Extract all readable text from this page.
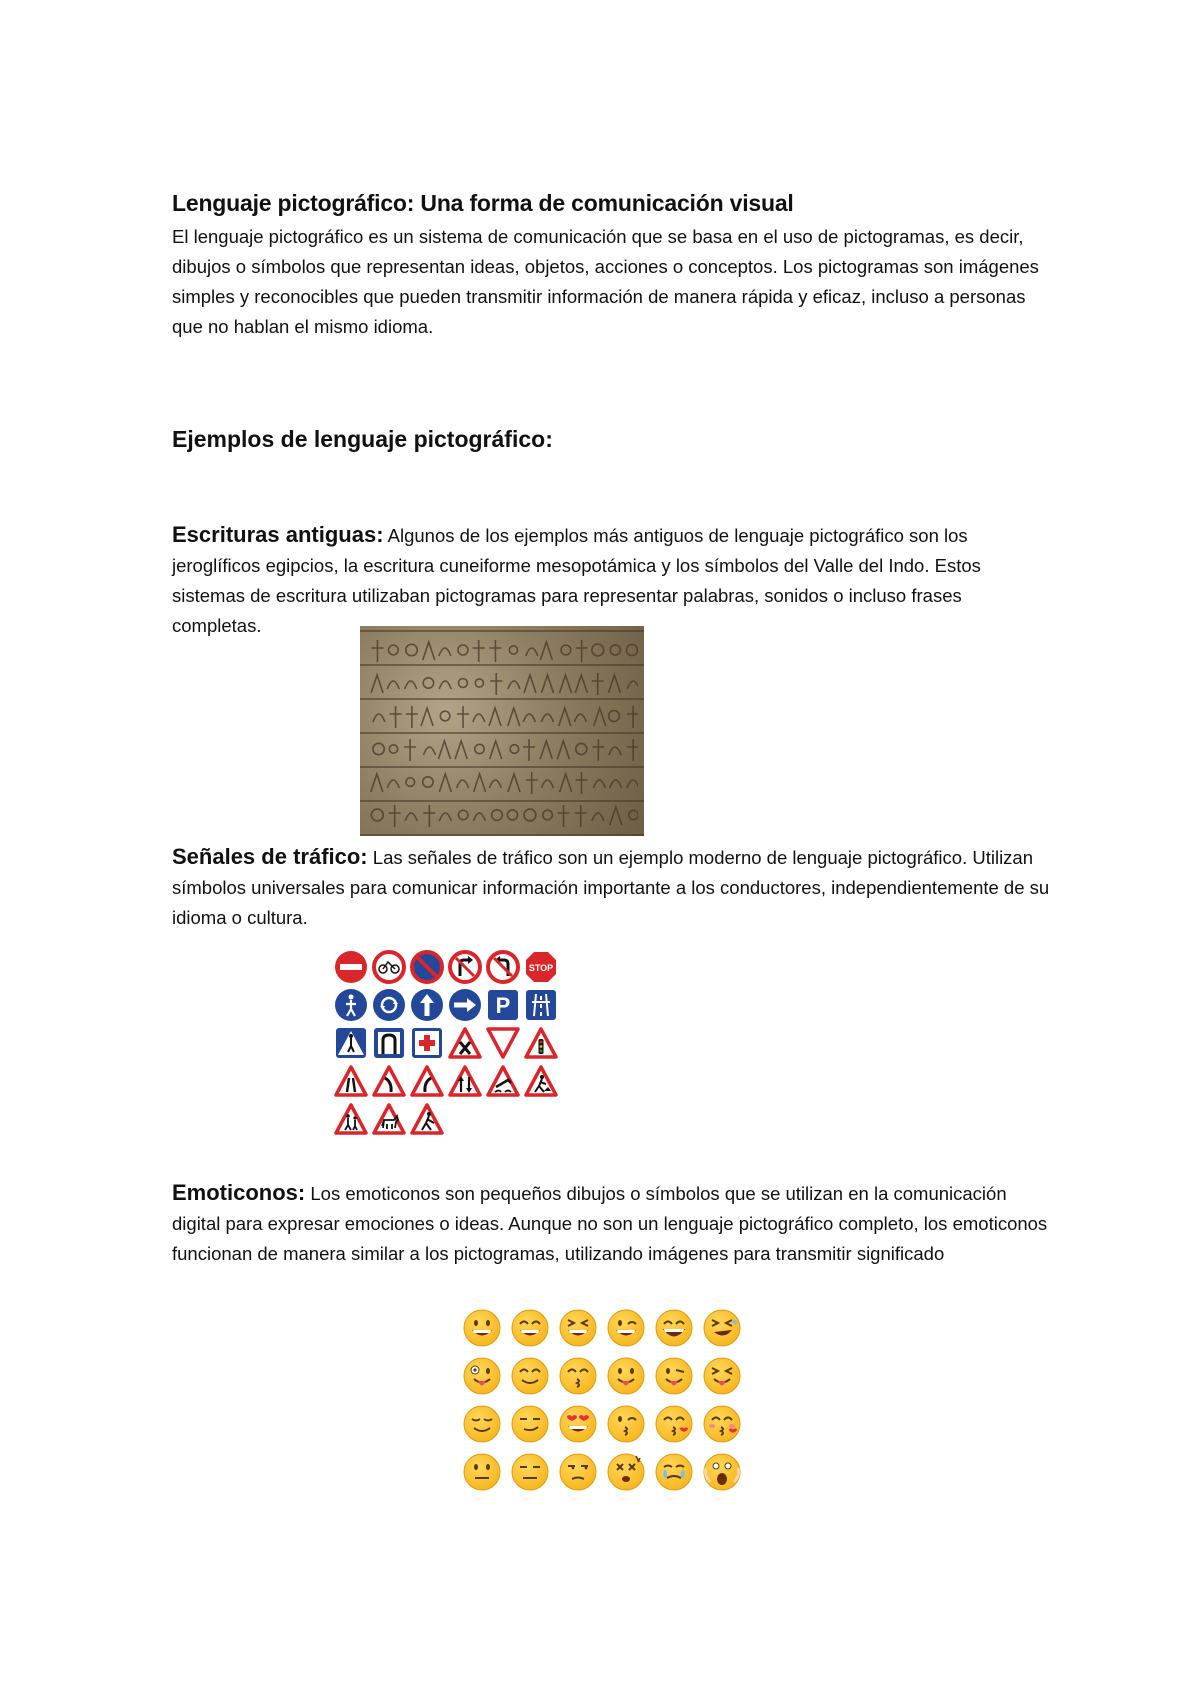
Lenguaje pictográfico: Una forma de comunicación visual
El lenguaje pictográfico es un sistema de comunicación que se basa en el uso de pictogramas, es decir, dibujos o símbolos que representan ideas, objetos, acciones o conceptos. Los pictogramas son imágenes simples y reconocibles que pueden transmitir información de manera rápida y eficaz, incluso a personas que no hablan el mismo idioma.
Ejemplos de lenguaje pictográfico:
Escrituras antiguas: Algunos de los ejemplos más antiguos de lenguaje pictográfico son los jeroglíficos egipcios, la escritura cuneiforme mesopotámica y los símbolos del Valle del Indo. Estos sistemas de escritura utilizaban pictogramas para representar palabras, sonidos o incluso frases completas.
Señales de tráfico: Las señales de tráfico son un ejemplo moderno de lenguaje pictográfico. Utilizan símbolos universales para comunicar información importante a los conductores, independientemente de su idioma o cultura.
STOP
P
Emoticonos: Los emoticonos son pequeños dibujos o símbolos que se utilizan en la comunicación digital para expresar emociones o ideas. Aunque no son un lenguaje pictográfico completo, los emoticonos funcionan de manera similar a los pictogramas, utilizando imágenes para transmitir significado
